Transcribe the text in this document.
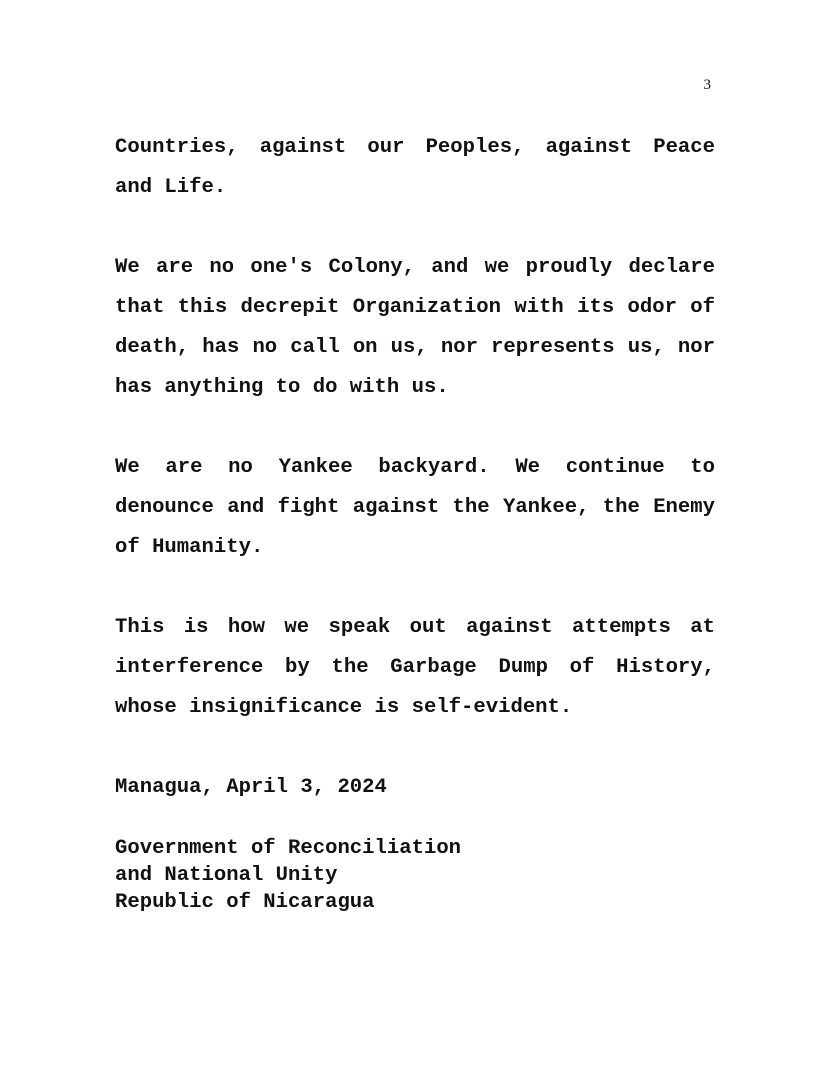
3
Countries, against our Peoples, against Peace and Life.
We are no one's Colony, and we proudly declare that this decrepit Organization with its odor of death, has no call on us, nor represents us, nor has anything to do with us.
We are no Yankee backyard. We continue to denounce and fight against the Yankee, the Enemy of Humanity.
This is how we speak out against attempts at interference by the Garbage Dump of History, whose insignificance is self-evident.
Managua, April 3, 2024
Government of Reconciliation
and National Unity
Republic of Nicaragua
